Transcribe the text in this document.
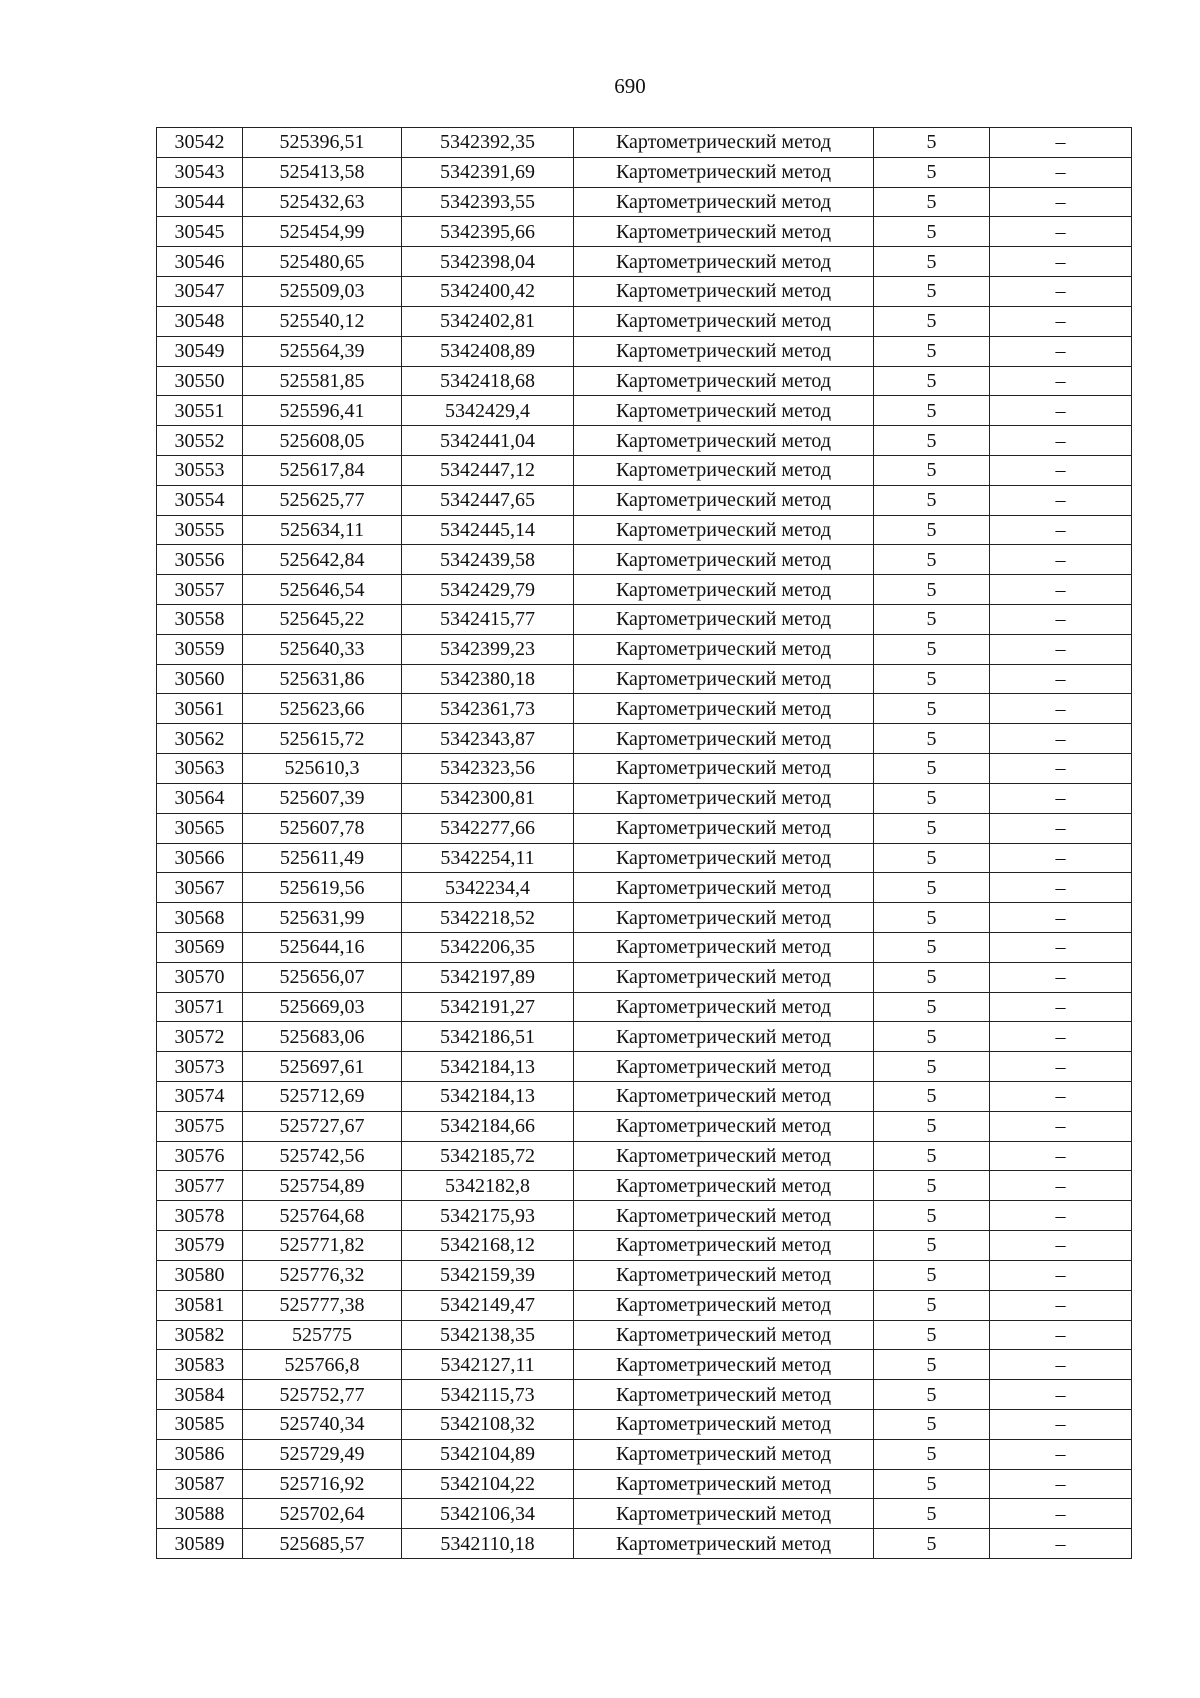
690
30542	525396,51	5342392,35	Картометрический метод	5	–
30543	525413,58	5342391,69	Картометрический метод	5	–
30544	525432,63	5342393,55	Картометрический метод	5	–
30545	525454,99	5342395,66	Картометрический метод	5	–
30546	525480,65	5342398,04	Картометрический метод	5	–
30547	525509,03	5342400,42	Картометрический метод	5	–
30548	525540,12	5342402,81	Картометрический метод	5	–
30549	525564,39	5342408,89	Картометрический метод	5	–
30550	525581,85	5342418,68	Картометрический метод	5	–
30551	525596,41	5342429,4	Картометрический метод	5	–
30552	525608,05	5342441,04	Картометрический метод	5	–
30553	525617,84	5342447,12	Картометрический метод	5	–
30554	525625,77	5342447,65	Картометрический метод	5	–
30555	525634,11	5342445,14	Картометрический метод	5	–
30556	525642,84	5342439,58	Картометрический метод	5	–
30557	525646,54	5342429,79	Картометрический метод	5	–
30558	525645,22	5342415,77	Картометрический метод	5	–
30559	525640,33	5342399,23	Картометрический метод	5	–
30560	525631,86	5342380,18	Картометрический метод	5	–
30561	525623,66	5342361,73	Картометрический метод	5	–
30562	525615,72	5342343,87	Картометрический метод	5	–
30563	525610,3	5342323,56	Картометрический метод	5	–
30564	525607,39	5342300,81	Картометрический метод	5	–
30565	525607,78	5342277,66	Картометрический метод	5	–
30566	525611,49	5342254,11	Картометрический метод	5	–
30567	525619,56	5342234,4	Картометрический метод	5	–
30568	525631,99	5342218,52	Картометрический метод	5	–
30569	525644,16	5342206,35	Картометрический метод	5	–
30570	525656,07	5342197,89	Картометрический метод	5	–
30571	525669,03	5342191,27	Картометрический метод	5	–
30572	525683,06	5342186,51	Картометрический метод	5	–
30573	525697,61	5342184,13	Картометрический метод	5	–
30574	525712,69	5342184,13	Картометрический метод	5	–
30575	525727,67	5342184,66	Картометрический метод	5	–
30576	525742,56	5342185,72	Картометрический метод	5	–
30577	525754,89	5342182,8	Картометрический метод	5	–
30578	525764,68	5342175,93	Картометрический метод	5	–
30579	525771,82	5342168,12	Картометрический метод	5	–
30580	525776,32	5342159,39	Картометрический метод	5	–
30581	525777,38	5342149,47	Картометрический метод	5	–
30582	525775	5342138,35	Картометрический метод	5	–
30583	525766,8	5342127,11	Картометрический метод	5	–
30584	525752,77	5342115,73	Картометрический метод	5	–
30585	525740,34	5342108,32	Картометрический метод	5	–
30586	525729,49	5342104,89	Картометрический метод	5	–
30587	525716,92	5342104,22	Картометрический метод	5	–
30588	525702,64	5342106,34	Картометрический метод	5	–
30589	525685,57	5342110,18	Картометрический метод	5	–
